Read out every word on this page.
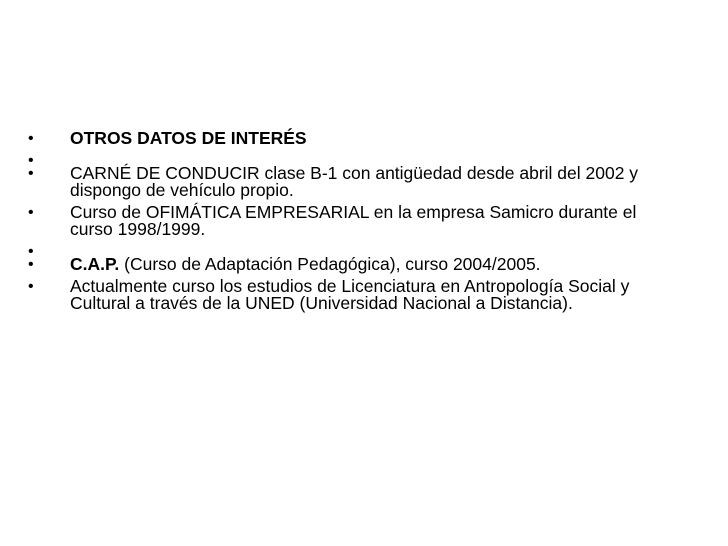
•	OTROS DATOS DE INTERÉS
•
•	CARNÉ DE CONDUCIR clase B-1 con antigüedad desde abril del 2002 y dispongo de vehículo propio.
•	Curso de OFIMÁTICA EMPRESARIAL en la empresa Samicro durante el curso 1998/1999.
•
•	C.A.P. (Curso de Adaptación Pedagógica), curso 2004/2005.
•	Actualmente curso los estudios de Licenciatura en Antropología Social y Cultural a través de la UNED (Universidad Nacional a Distancia).
